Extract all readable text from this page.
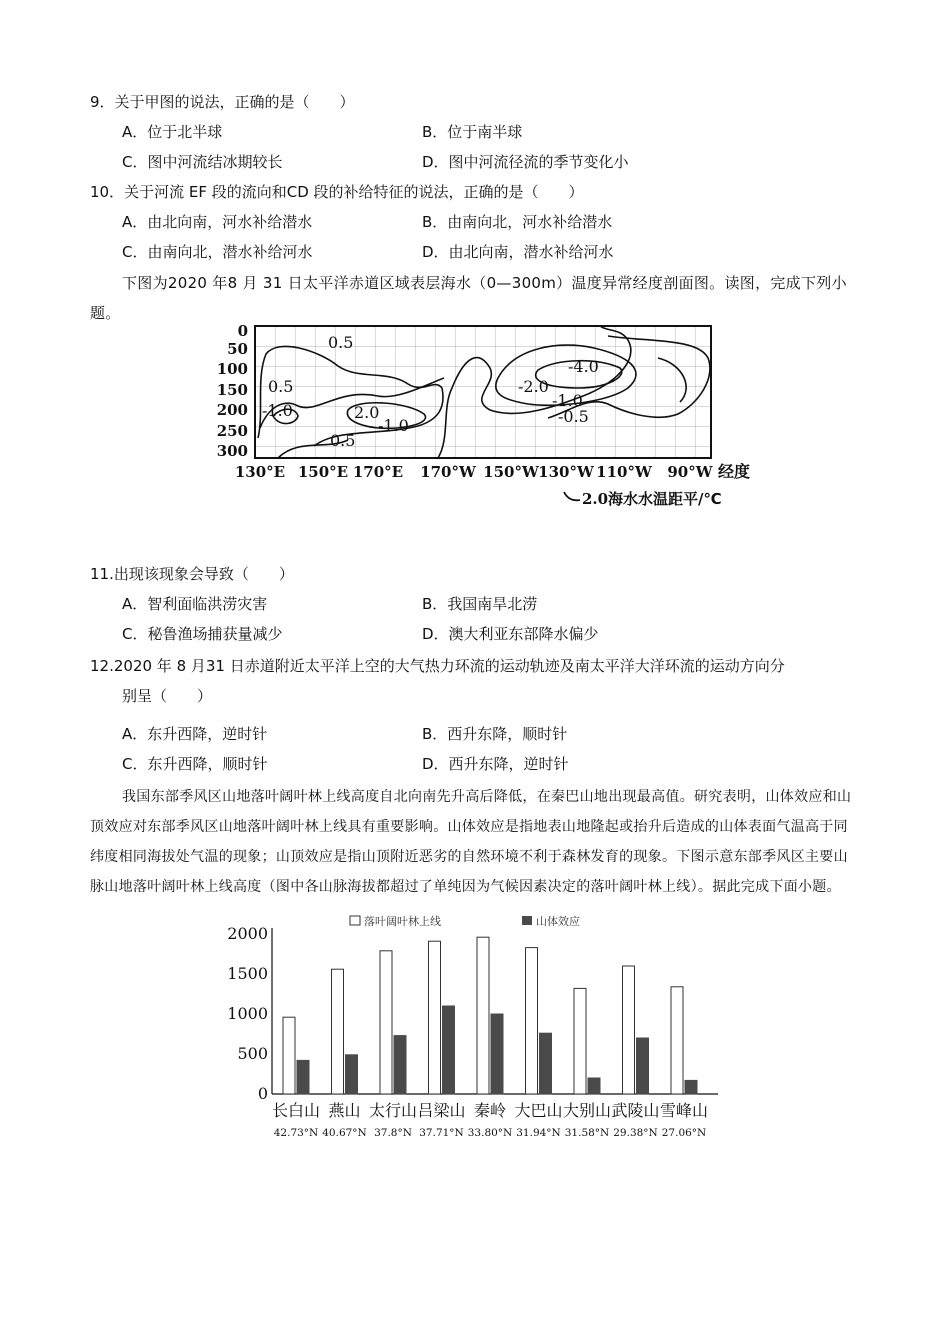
9．关于甲图的说法，正确的是（　　）
A．位于北半球	B．位于南半球
C．图中河流结冰期较长	D．图中河流径流的季节变化小
10．关于河流 EF 段的流向和CD 段的补给特征的说法，正确的是（　　）
A．由北向南，河水补给潜水	B．由南向北，河水补给潜水
C．由南向北，潜水补给河水	D．由北向南，潜水补给河水
下图为2020 年8 月 31 日太平洋赤道区域表层海水（0—300m）温度异常经度剖面图。读图，完成下列小题。
0
50
100
150
200
250
300
0.5
0.5
-1.0	2.0
-1.0
0.5
-2.0
-4.0
-1.0
-0.5
130°E 150°E 170°E 170°W 150°W 130°W 110°W 90°W 经度
2.0 海水水温距平/℃
11.出现该现象会导致（　　）
A．智利面临洪涝灾害	B．我国南旱北涝
C．秘鲁渔场捕获量减少	D．澳大利亚东部降水偏少
12.2020 年 8 月31 日赤道附近太平洋上空的大气热力环流的运动轨迹及南太平洋大洋环流的运动方向分
别呈（　　）
A．东升西降，逆时针	B．西升东降，顺时针
C．东升西降，顺时针	D．西升东降，逆时针
我国东部季风区山地落叶阔叶林上线高度自北向南先升高后降低，在秦巴山地出现最高值。研究表明，山体效应和山顶效应对东部季风区山地落叶阔叶林上线具有重要影响。山体效应是指地表山地隆起或抬升后造成的山体表面气温高于同纬度相同海拔处气温的现象；山顶效应是指山顶附近恶劣的自然环境不利于森林发育的现象。下图示意东部季风区主要山脉山地落叶阔叶林上线高度（图中各山脉海拔都超过了单纯因为气候因素决定的落叶阔叶林上线）。据此完成下面小题。
落叶阔叶林上线	山体效应
0
500
1000
1500
2000
长白山
42.73°N
燕山
40.67°N
太行山
37.8°N
吕梁山
37.71°N
秦岭
33.80°N
大巴山
31.94°N
大别山
31.58°N
武陵山
29.38°N
雪峰山
27.06°N
